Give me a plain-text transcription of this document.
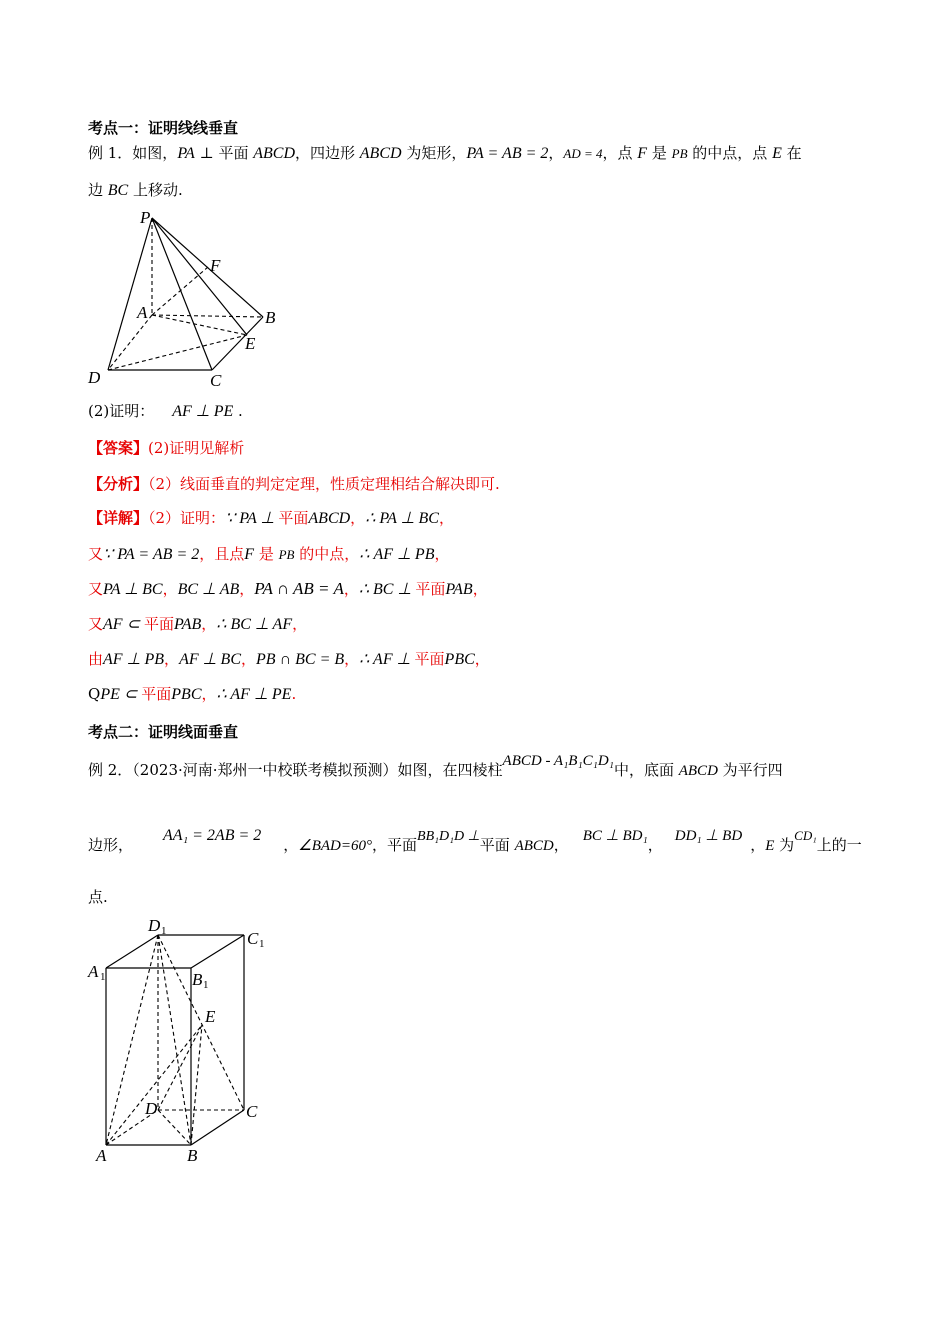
考点一：证明线线垂直
例 1．如图，PA ⊥ 平面 ABCD，四边形 ABCD 为矩形，PA = AB = 2，AD = 4，点 F 是 PB 的中点，点 E 在
边 BC 上移动.
P
F
A	B
E
D	C
(2)证明： AF ⊥ PE .
【答案】(2)证明见解析
【分析】（2）线面垂直的判定定理，性质定理相结合解决即可.
【详解】（2）证明：∵ PA ⊥ 平面ABCD，∴ PA ⊥ BC，
又∵ PA = AB = 2，且点F 是 PB 的中点，∴ AF ⊥ PB，
又PA ⊥ BC，BC ⊥ AB，PA ∩ AB = A，∴ BC ⊥ 平面PAB，
又AF ⊂ 平面PAB，∴ BC ⊥ AF，
由AF ⊥ PB，AF ⊥ BC，PB ∩ BC = B，∴ AF ⊥ 平面PBC，
QPE ⊂ 平面PBC，∴ AF ⊥ PE.
考点二：证明线面垂直
例 2．（2023·河南·郑州一中校联考模拟预测）如图，在四棱柱ABCD - A₁B₁C₁D₁中，底面 ABCD 为平行四
边形，AA₁ = 2AB = 2，∠BAD=60°，平面BB₁D₁D ⊥平面 ABCD， BC ⊥ BD₁， DD₁ ⊥ BD ，E 为CD₁上的一
点.
D 1	C 1
A 1	B 1
E
D	C
A	B
